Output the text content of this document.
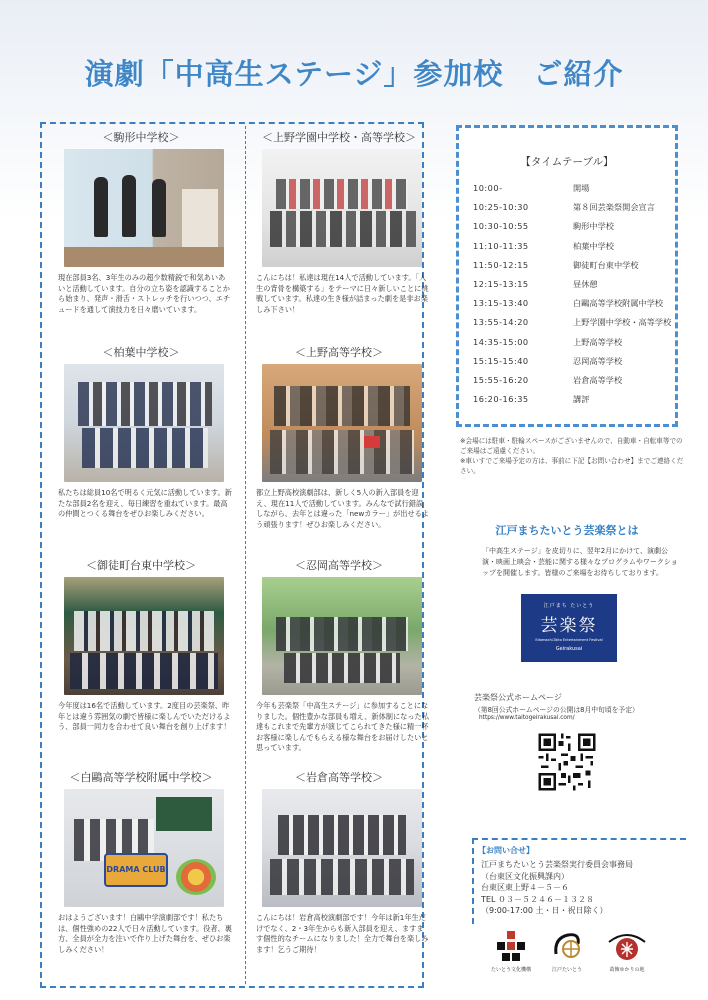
演劇「中高生ステージ」参加校　ご紹介
＜駒形中学校＞
現在部員3名、3年生のみの超少数精鋭で和気あいあいと活動しています。自分の立ち姿を認識することから始まり、発声・滑舌・ストレッチを行いつつ、エチュードを通して演技力を日々磨いています。
＜上野学園中学校・高等学校＞
こんにちは！私達は現在14人で活動しています。「人生の背骨を構築する」をテーマに日々新しいことに挑戦しています。私達の生き様が詰まった劇を是非お楽しみ下さい！
＜柏葉中学校＞
私たちは総員10名で明るく元気に活動しています。新たな部員2名を迎え、毎日練習を重ねています。最高の仲間とつくる舞台をぜひお楽しみください。
＜上野高等学校＞
都立上野高校演劇部は、新しく5人の新入部員を迎え、現在11人で活動しています。みんなで試行錯誤しながら、去年とは違った「newカラー」が出せるよう頑張ります！ぜひお楽しみください。
＜御徒町台東中学校＞
今年度は16名で活動しています。2度目の芸楽祭、昨年とは違う雰囲気の劇で皆様に楽しんでいただけるよう、部員一同力を合わせて良い舞台を創り上げます！
＜忍岡高等学校＞
今年も芸楽祭「中高生ステージ」に参加することになりました。個性豊かな部員も増え、新体制になった私達もこれまで先輩方が演じてこられてきた様に精一杯お客様に楽しんでもらえる様な舞台をお届けしたいと思っています。
＜白鷗高等学校附属中学校＞
DRAMA CLUB
おはようございます！白鷗中学演劇部です！私たちは、個性強めの22人で日々活動しています。役者、裏方、全員が全力を注いで作り上げた舞台を、ぜひお楽しみください！
＜岩倉高等学校＞
こんにちは！岩倉高校演劇部です！今年は新1年生だけでなく、2・3年生からも新入部員を迎え、ますます個性的なチームになりました！全力で舞台を楽しみます！乞うご期待！
【タイムテーブル】
10:00-	開場
10:25-10:30	第８回芸楽祭開会宣言
10:30-10:55	駒形中学校
11:10-11:35	柏葉中学校
11:50-12:15	御徒町台東中学校
12:15-13:15	昼休憩
13:15-13:40	白鷗高等学校附属中学校
13:55-14:20	上野学園中学校・高等学校
14:35-15:00	上野高等学校
15:15-15:40	忍岡高等学校
15:55-16:20	岩倉高等学校
16:20-16:35	講評
※会場には駐車・駐輪スペースがございませんので、自動車・自転車等でのご来場はご遠慮ください。
※車いすでご来場予定の方は、事前に下記【お問い合わせ】までご連絡ください。
江戸まちたいとう芸楽祭とは
「中高生ステージ」を皮切りに、翌年2月にかけて、演劇公演・映画上映会・芸能に関する様々なプログラムやワークショップを開催します。皆様のご来場をお待ちしております。
江戸まち たいとう
芸楽祭
Edomachi-Taito Entertainment Festival
Geirakusai
芸楽祭公式ホームページ
（第8回公式ホームページの公開は8月中旬頃を予定）
https://www.taitogeirakusai.com/
【お問い合せ】
江戸まちたいとう芸楽祭実行委員会事務局
（台東区文化振興課内）
台東区東上野４－５－６
TEL ０３－５２４６－１３２８
（9:00-17:00 土・日・祝日除く）
たいとう文化機構	江戸たいとう	葛飾ゆかりの地
